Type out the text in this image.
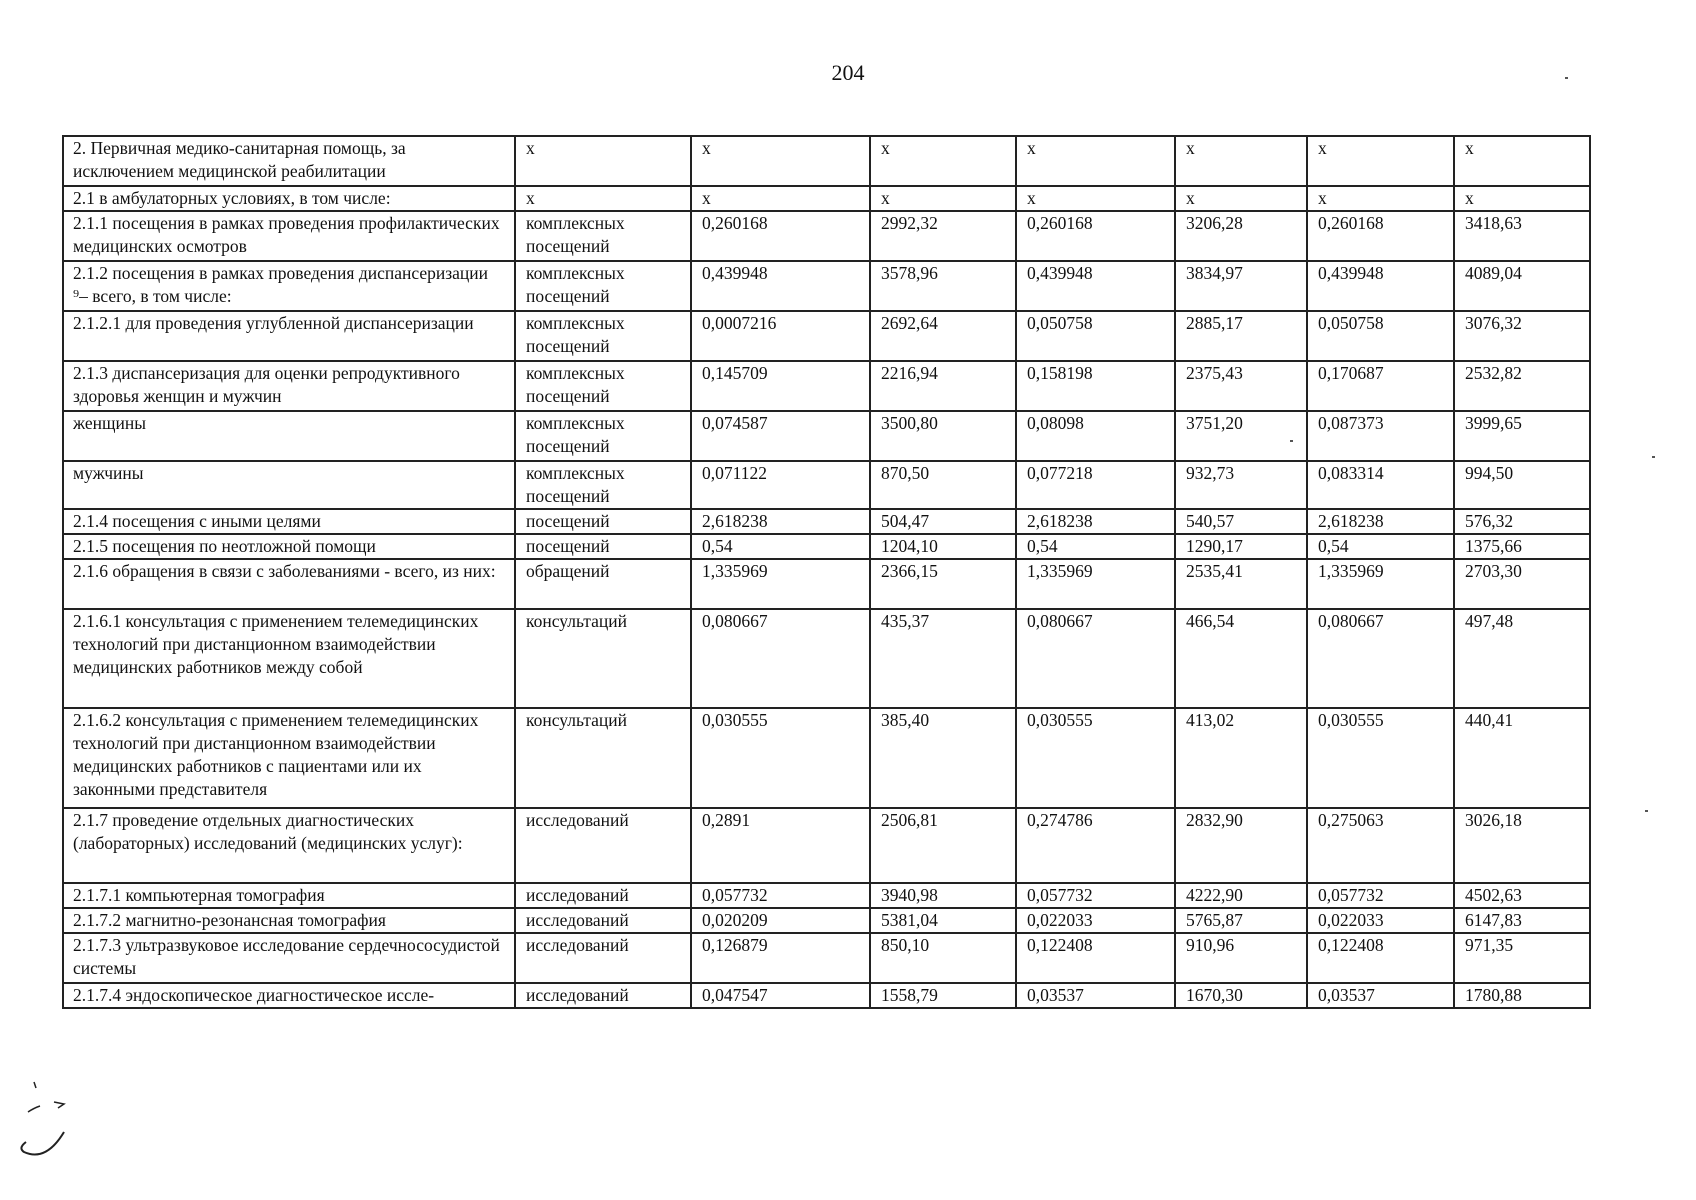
204
2. Первичная медико-санитарная помощь, за исключением медицинской реабилитации	х	х	х	х	х	х	х
2.1 в амбулаторных условиях, в том числе:	х	х	х	х	х	х	х
2.1.1 посещения в рамках проведения профилактических медицинских осмотров	комплексных посещений	0,260168	2992,32	0,260168	3206,28	0,260168	3418,63
2.1.2 посещения в рамках проведения диспансеризации ⁹– всего, в том числе:	комплексных посещений	0,439948	3578,96	0,439948	3834,97	0,439948	4089,04
2.1.2.1 для проведения углубленной диспансеризации	комплексных посещений	0,0007216	2692,64	0,050758	2885,17	0,050758	3076,32
2.1.3 диспансеризация для оценки репродуктивного здоровья женщин и мужчин	комплексных посещений	0,145709	2216,94	0,158198	2375,43	0,170687	2532,82
женщины	комплексных посещений	0,074587	3500,80	0,08098	3751,20	0,087373	3999,65
мужчины	комплексных посещений	0,071122	870,50	0,077218	932,73	0,083314	994,50
2.1.4 посещения с иными целями	посещений	2,618238	504,47	2,618238	540,57	2,618238	576,32
2.1.5 посещения по неотложной помощи	посещений	0,54	1204,10	0,54	1290,17	0,54	1375,66
2.1.6 обращения в связи с заболеваниями - всего, из них:	обращений	1,335969	2366,15	1,335969	2535,41	1,335969	2703,30
2.1.6.1 консультация с применением телемедицинских технологий при дистанционном взаимодействии медицинских работников между собой	консультаций	0,080667	435,37	0,080667	466,54	0,080667	497,48
2.1.6.2 консультация с применением телемедицинских технологий при дистанционном взаимодействии медицинских работников с пациентами или их законными представителя	консультаций	0,030555	385,40	0,030555	413,02	0,030555	440,41
2.1.7 проведение отдельных диагностических (лабораторных) исследований (медицинских услуг):	исследований	0,2891	2506,81	0,274786	2832,90	0,275063	3026,18
2.1.7.1 компьютерная томография	исследований	0,057732	3940,98	0,057732	4222,90	0,057732	4502,63
2.1.7.2 магнитно-резонансная томография	исследований	0,020209	5381,04	0,022033	5765,87	0,022033	6147,83
2.1.7.3 ультразвуковое исследование сердечнососудистой системы	исследований	0,126879	850,10	0,122408	910,96	0,122408	971,35
2.1.7.4 эндоскопическое диагностическое иссле-	исследований	0,047547	1558,79	0,03537	1670,30	0,03537	1780,88
